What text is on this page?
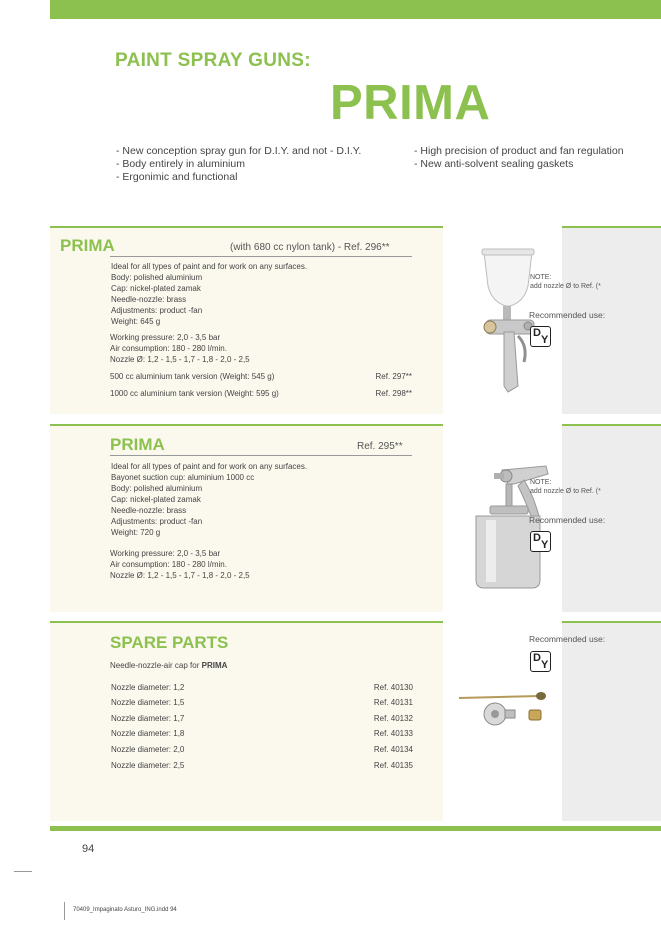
PAINT SPRAY GUNS:
PRIMA
- New conception spray gun for D.I.Y. and not - D.I.Y.
- Body entirely in aluminium
- Ergonimic and functional
- High precision of product and fan regulation
- New anti-solvent sealing gaskets
PRIMA	(with 680 cc nylon tank) - Ref. 296**
Ideal for all types of paint and for work on any surfaces.
Body: polished aluminium
Cap: nickel-plated zamak
Needle-nozzle: brass
Adjustments: product -fan
Weight: 645 g
Working pressure: 2,0 - 3,5 bar
Air consumption: 180 - 280 l/min.
Nozzle Ø: 1,2 - 1,5 - 1,7 - 1,8 - 2,0 - 2,5
500 cc aluminium tank version (Weight: 545 g)	Ref. 297**
1000 cc aluminium tank version (Weight: 595 g)	Ref. 298**
NOTE:
add nozzle Ø to Ref. (*
Recommended use:
D
Y
PRIMA	Ref. 295**
Ideal for all types of paint and for work on any surfaces.
Bayonet suction cup: aluminium 1000 cc
Body: polished aluminium
Cap: nickel-plated zamak
Needle-nozzle: brass
Adjustments: product -fan
Weight: 720 g
Working pressure: 2,0 - 3,5 bar
Air consumption: 180 - 280 l/min.
Nozzle Ø: 1,2 - 1,5 - 1,7 - 1,8 - 2,0 - 2,5
NOTE:
add nozzle Ø to Ref. (*
Recommended use:
D
Y
SPARE PARTS
Needle-nozzle-air cap for PRIMA
Nozzle diameter: 1,2	Ref. 40130
Nozzle diameter: 1,5	Ref. 40131
Nozzle diameter: 1,7	Ref. 40132
Nozzle diameter: 1,8	Ref. 40133
Nozzle diameter: 2,0	Ref. 40134
Nozzle diameter: 2,5	Ref. 40135
Recommended use:
D
Y
94
70409_Impaginato Asturo_ING.indd 94
